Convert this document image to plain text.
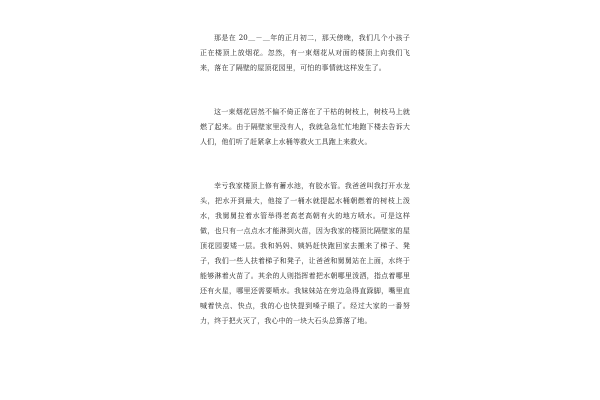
那是在 20＿－＿年的正月初二，那天傍晚，我们几个小孩子正在楼顶上放烟花。忽然，有一束烟花从对面的楼顶上向我们飞来，落在了隔壁的屋顶花园里，可怕的事情就这样发生了。

这一束烟花居然不偏不倚正落在了干枯的树枝上，树枝马上就燃了起来。由于隔壁家里没有人，我就急急忙忙地跑下楼去告诉大人们，他们听了赶紧拿上水桶等救火工具跑上来救火。

幸亏我家楼顶上修有蓄水池，有胶水管。我爸爸叫我打开水龙头，把水开到最大，他接了一桶水就提起水桶朝燃着的树枝上泼水，我舅舅拉着水管举得老高老高朝有火的地方喷水。可是这样做，也只有一点点水才能淋到火苗，因为我家的楼顶比隔壁家的屋顶花园要矮一层。我和妈妈、姨妈赶快跑回家去搬来了梯子、凳子，我们一些人扶着梯子和凳子，让爸爸和舅舅站在上面，水终于能够淋着火苗了。其余的人则指挥着把水朝哪里泼洒，指点着哪里还有火星，哪里还需要喷水。我妹妹站在旁边急得直跺脚，嘴里直喊着快点、快点，我的心也快提到嗓子眼了。经过大家的一番努力，终于把火灭了，我心中的一块大石头总算落了地。
